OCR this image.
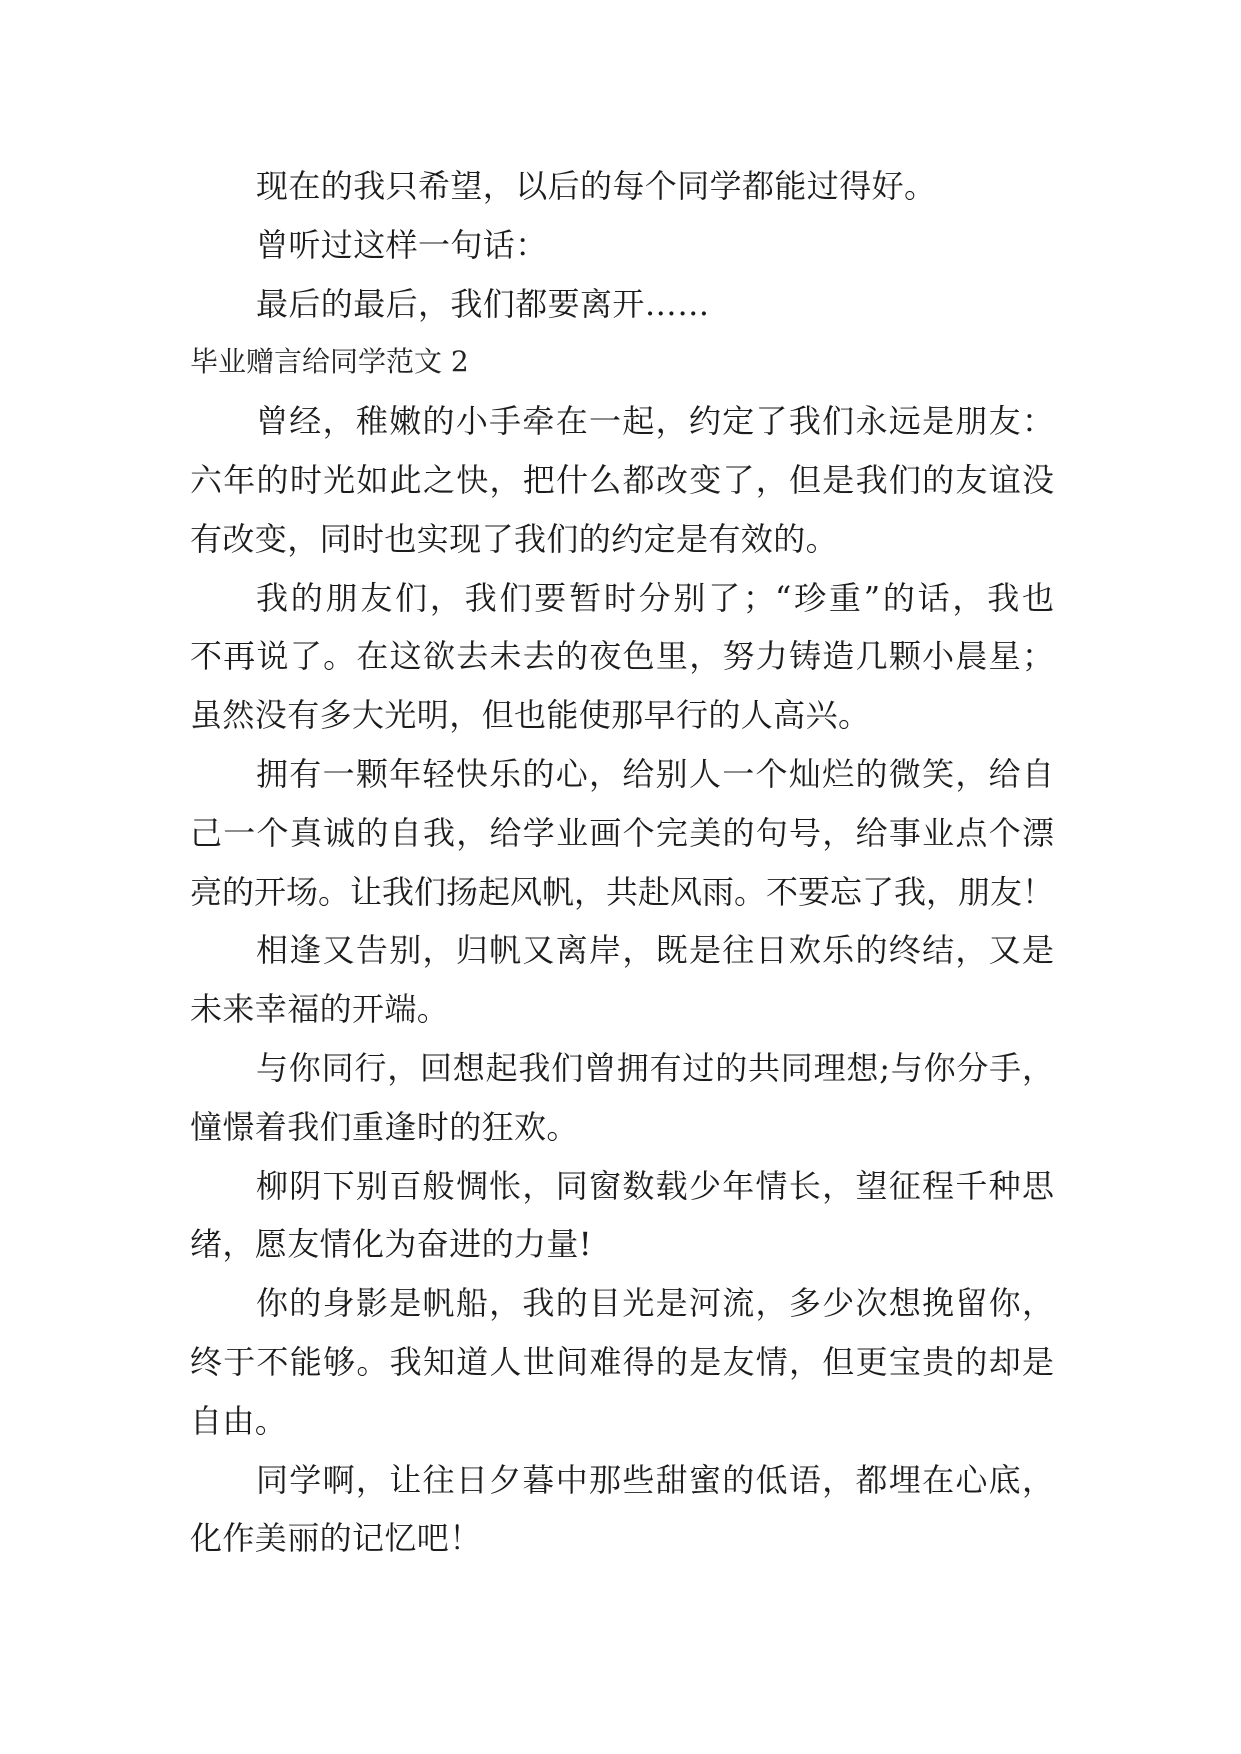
现在的我只希望，以后的每个同学都能过得好。
曾听过这样一句话：
最后的最后，我们都要离开……
毕业赠言给同学范文 2
曾经，稚嫩的小手牵在一起，约定了我们永远是朋友：
六年的时光如此之快，把什么都改变了，但是我们的友谊没
有改变，同时也实现了我们的约定是有效的。
我的朋友们，我们要暂时分别了；“珍重”的话，我也
不再说了。在这欲去未去的夜色里，努力铸造几颗小晨星；
虽然没有多大光明，但也能使那早行的人高兴。
拥有一颗年轻快乐的心，给别人一个灿烂的微笑，给自
己一个真诚的自我，给学业画个完美的句号，给事业点个漂
亮的开场。让我们扬起风帆，共赴风雨。不要忘了我，朋友！
相逢又告别，归帆又离岸，既是往日欢乐的终结，又是
未来幸福的开端。
与你同行，回想起我们曾拥有过的共同理想;与你分手，
憧憬着我们重逢时的狂欢。
柳阴下别百般惆怅，同窗数载少年情长，望征程千种思
绪，愿友情化为奋进的力量!
你的身影是帆船，我的目光是河流，多少次想挽留你，
终于不能够。我知道人世间难得的是友情，但更宝贵的却是
自由。
同学啊，让往日夕暮中那些甜蜜的低语，都埋在心底，
化作美丽的记忆吧！
